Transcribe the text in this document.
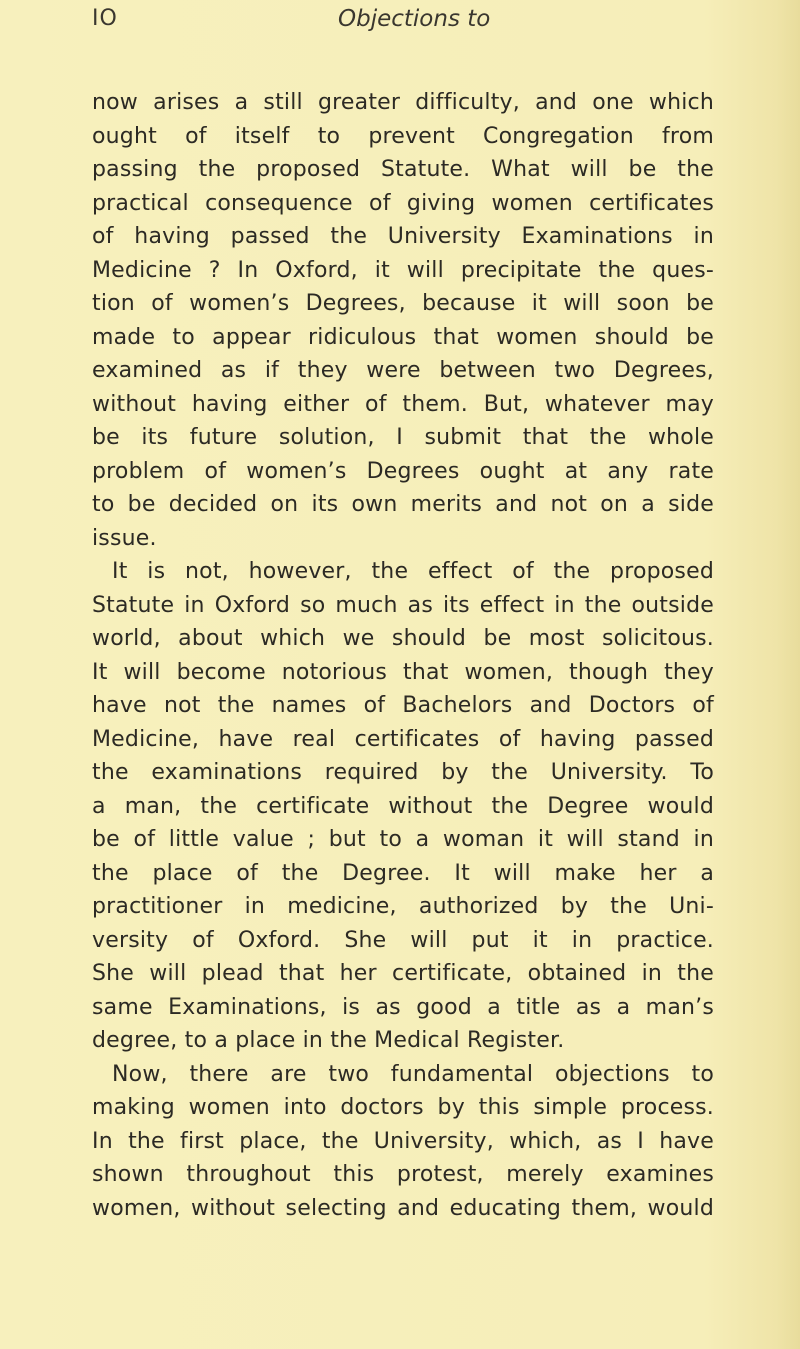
IO	Objections to
now arises a still greater difficulty, and one which
ought of itself to prevent Congregation from
passing the proposed Statute. What will be the
practical consequence of giving women certificates
of having passed the University Examinations in
Medicine ? In Oxford, it will precipitate the ques-
tion of women’s Degrees, because it will soon be
made to appear ridiculous that women should be
examined as if they were between two Degrees,
without having either of them. But, whatever may
be its future solution, I submit that the whole
problem of women’s Degrees ought at any rate
to be decided on its own merits and not on a side
issue.
It is not, however, the effect of the proposed
Statute in Oxford so much as its effect in the outside
world, about which we should be most solicitous.
It will become notorious that women, though they
have not the names of Bachelors and Doctors of
Medicine, have real certificates of having passed
the examinations required by the University. To
a man, the certificate without the Degree would
be of little value ; but to a woman it will stand in
the place of the Degree. It will make her a
practitioner in medicine, authorized by the Uni-
versity of Oxford. She will put it in practice.
She will plead that her certificate, obtained in the
same Examinations, is as good a title as a man’s
degree, to a place in the Medical Register.
Now, there are two fundamental objections to
making women into doctors by this simple process.
In the first place, the University, which, as I have
shown throughout this protest, merely examines
women, without selecting and educating them, would
